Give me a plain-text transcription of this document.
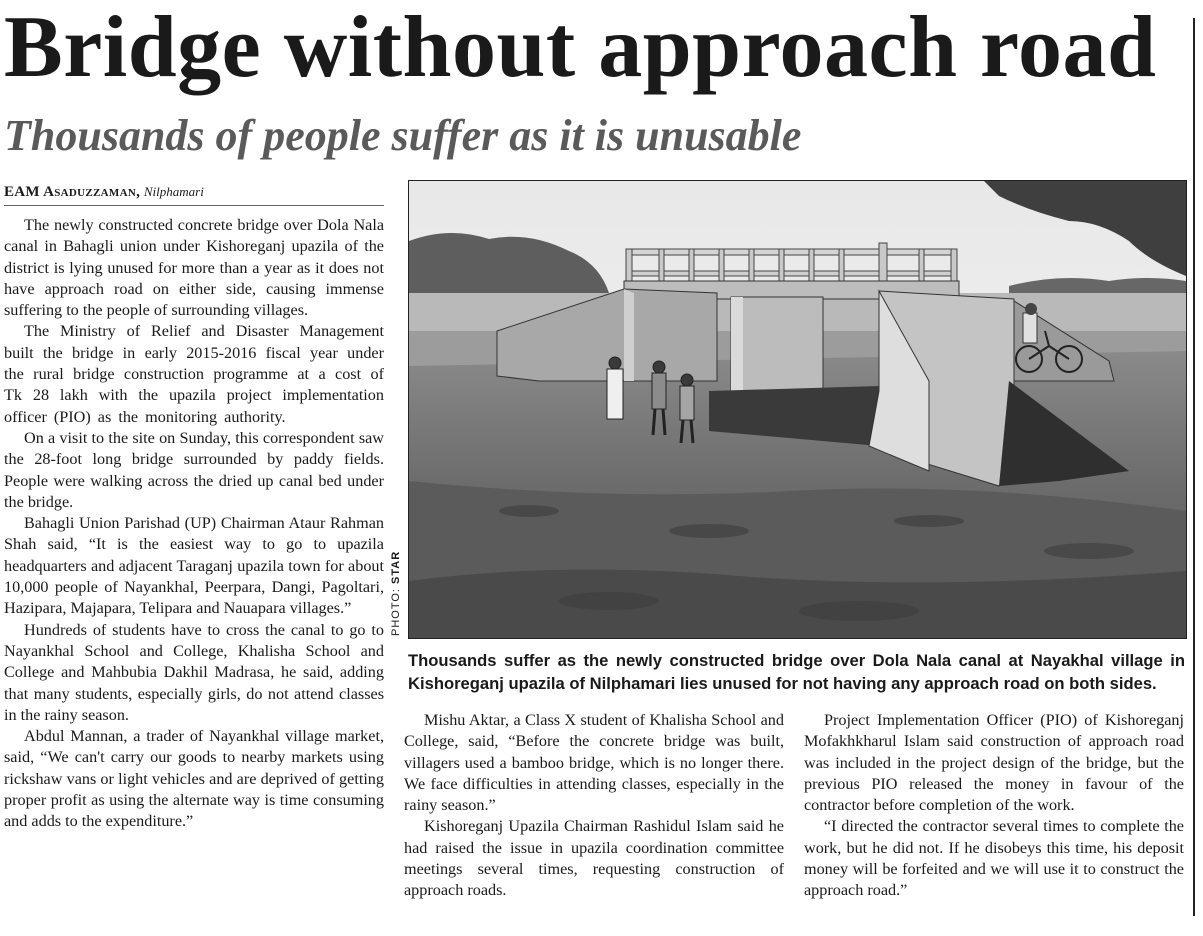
Bridge without approach road
Thousands of people suffer as it is unusable
EAM Asaduzzaman, Nilphamari

The newly constructed concrete bridge over Dola Nala canal in Bahagli union under Kishoreganj upazila of the district is lying unused for more than a year as it does not have approach road on either side, causing immense suffering to the people of surrounding villages.

The Ministry of Relief and Disaster Management built the bridge in early 2015-2016 fiscal year under the rural bridge construction programme at a cost of Tk 28 lakh with the upazila project implementation officer (PIO) as the monitoring authority.

On a visit to the site on Sunday, this correspondent saw the 28-foot long bridge surrounded by paddy fields. People were walking across the dried up canal bed under the bridge.

Bahagli Union Parishad (UP) Chairman Ataur Rahman Shah said, “It is the easiest way to go to upazila headquarters and adjacent Taraganj upazila town for about 10,000 people of Nayankhal, Peerpara, Dangi, Pagoltari, Hazipara, Majapara, Telipara and Nauapara villages.”

Hundreds of students have to cross the canal to go to Nayankhal School and College, Khalisha School and College and Mahbubia Dakhil Madrasa, he said, adding that many students, especially girls, do not attend classes in the rainy season.

Abdul Mannan, a trader of Nayankhal village market, said, “We can't carry our goods to nearby markets using rickshaw vans or light vehicles and are deprived of getting proper profit as using the alternate way is time consuming and adds to the expenditure.”

PHOTO: STAR
Thousands suffer as the newly constructed bridge over Dola Nala canal at Nayakhal village in Kishoreganj upazila of Nilphamari lies unused for not having any approach road on both sides.

Mishu Aktar, a Class X student of Khalisha School and College, said, “Before the concrete bridge was built, villagers used a bamboo bridge, which is no longer there. We face difficulties in attending classes, especially in the rainy season.”

Kishoreganj Upazila Chairman Rashidul Islam said he had raised the issue in upazila coordination committee meetings several times, requesting construction of approach roads.

Project Implementation Officer (PIO) of Kishoreganj Mofakhkharul Islam said construction of approach road was included in the project design of the bridge, but the previous PIO released the money in favour of the contractor before completion of the work.

“I directed the contractor several times to complete the work, but he did not. If he disobeys this time, his deposit money will be forfeited and we will use it to construct the approach road.”
